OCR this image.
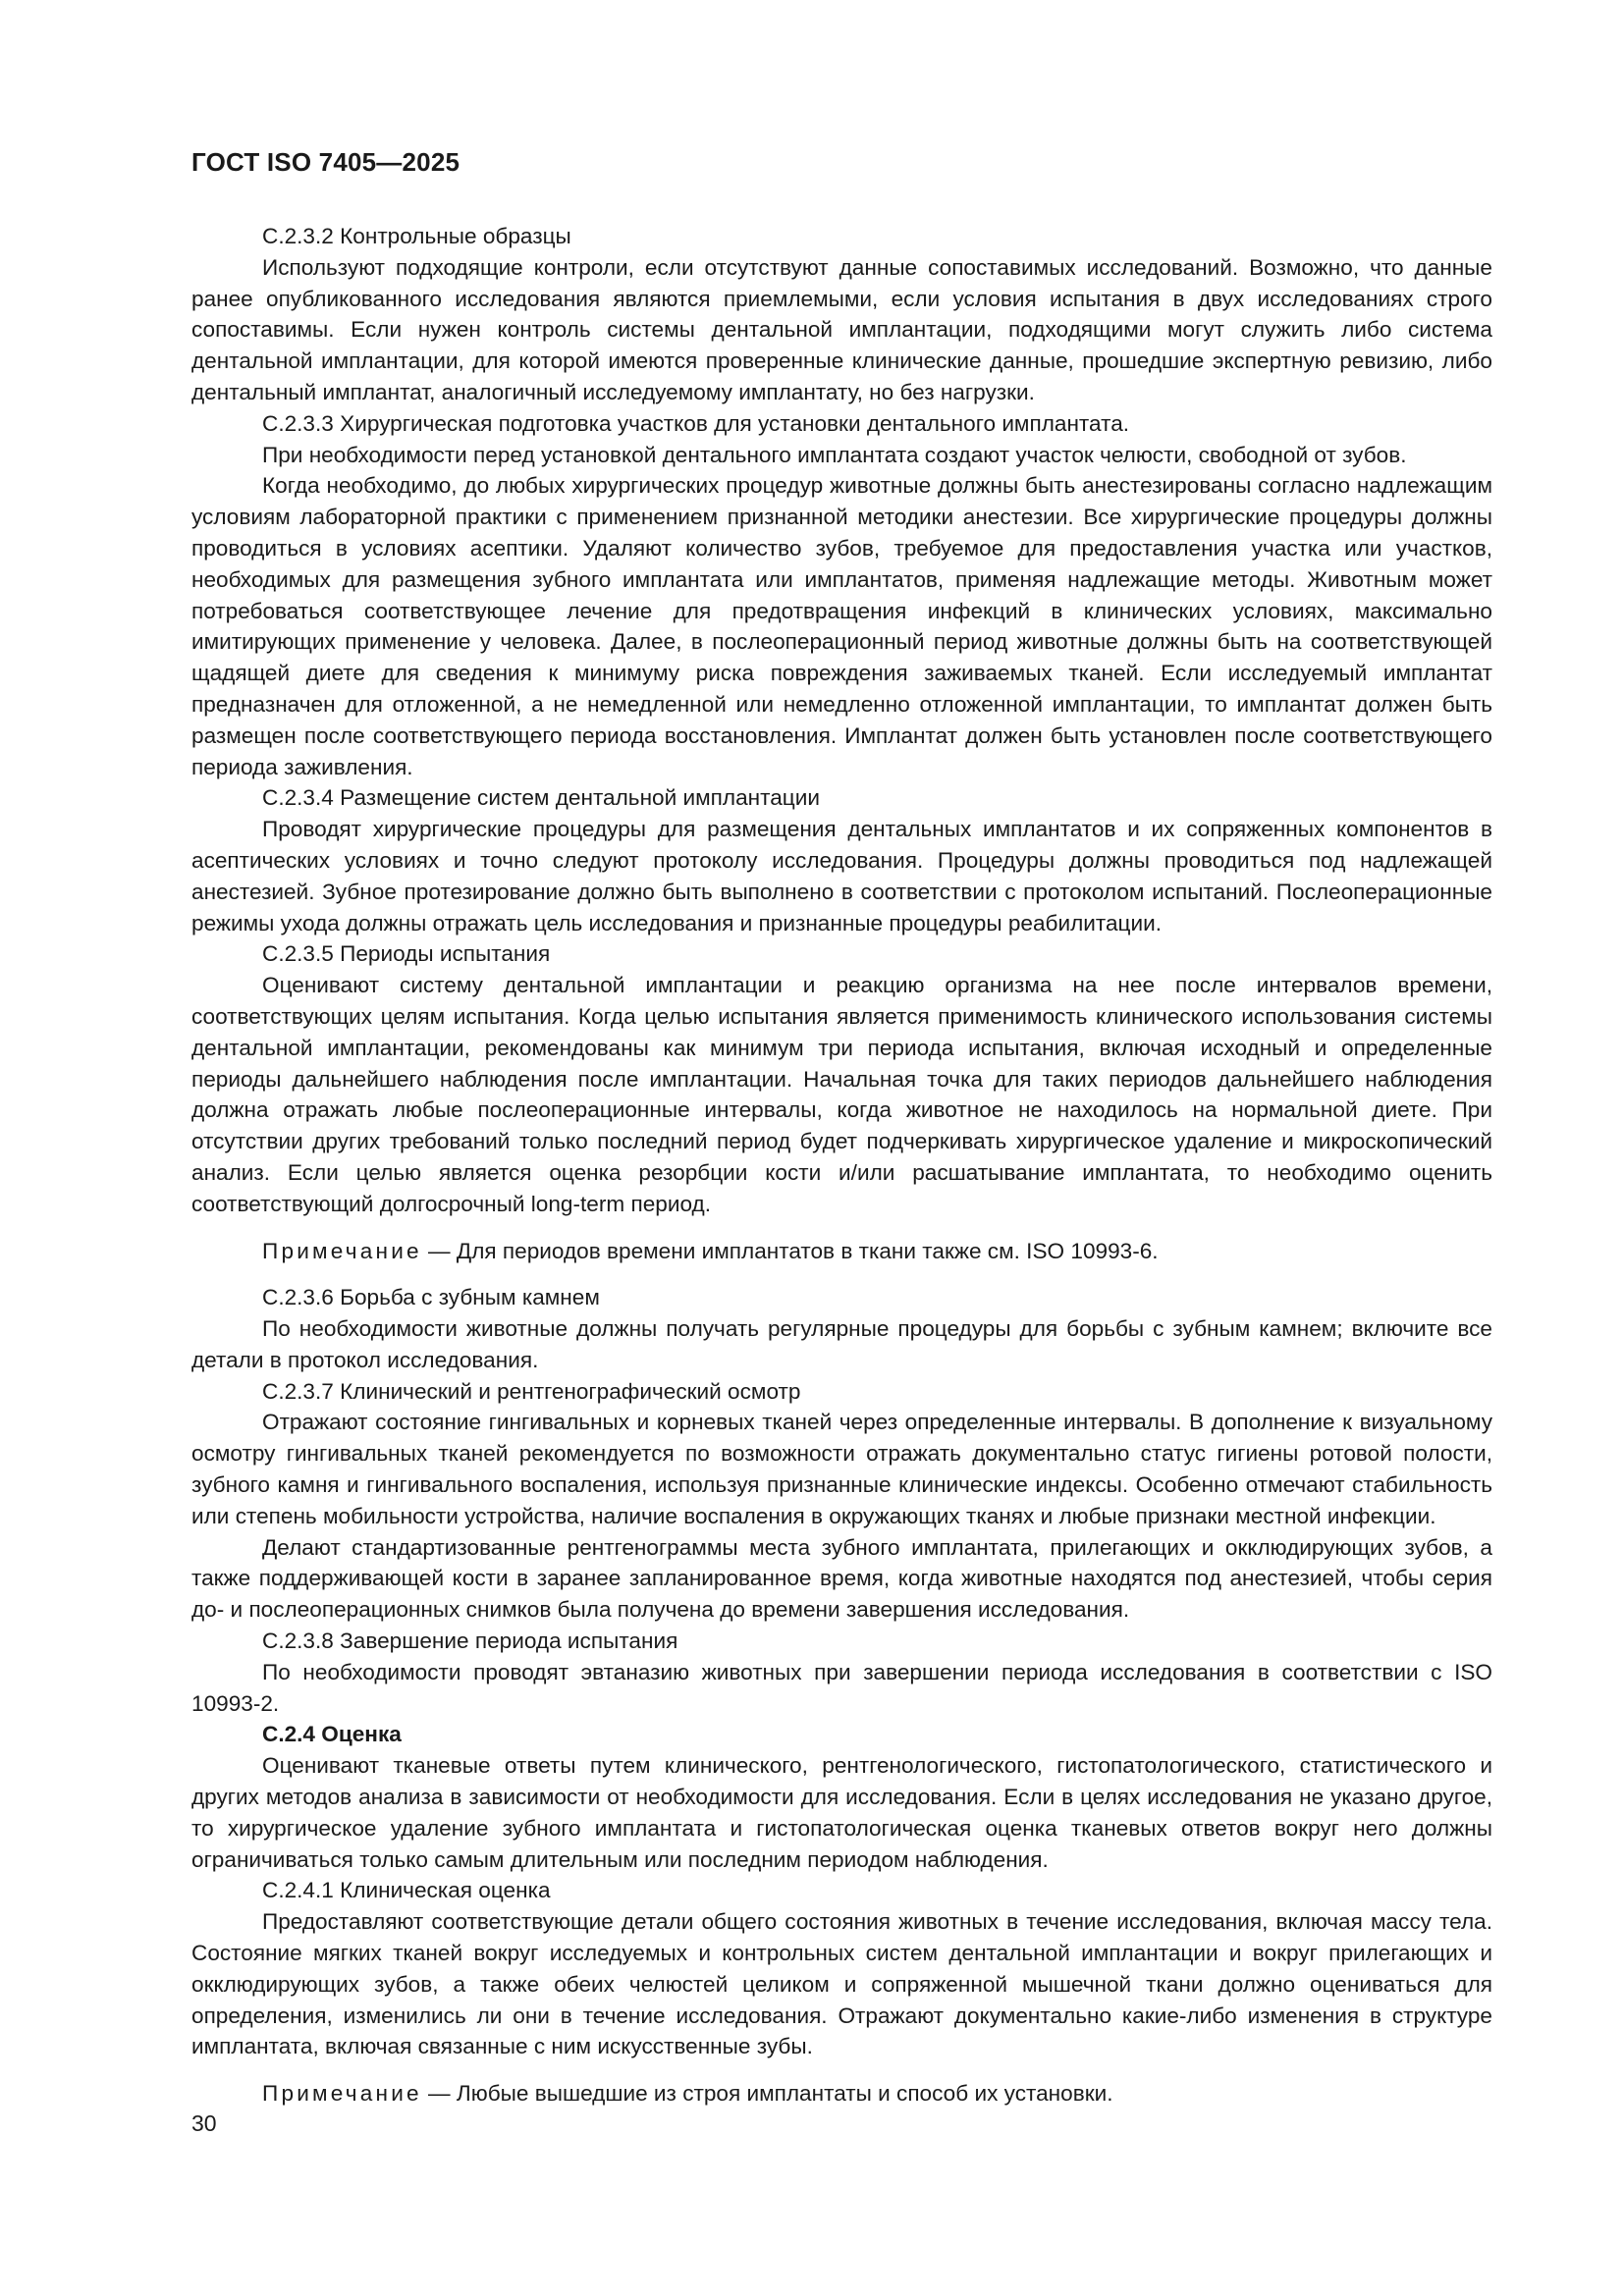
ГОСТ ISO 7405—2025

С.2.3.2 Контрольные образцы

Используют подходящие контроли, если отсутствуют данные сопоставимых исследований. Возможно, что данные ранее опубликованного исследования являются приемлемыми, если условия испытания в двух исследованиях строго сопоставимы. Если нужен контроль системы дентальной имплантации, подходящими могут служить либо система дентальной имплантации, для которой имеются проверенные клинические данные, прошедшие экспертную ревизию, либо дентальный имплантат, аналогичный исследуемому имплантату, но без нагрузки.

С.2.3.3 Хирургическая подготовка участков для установки дентального имплантата.

При необходимости перед установкой дентального имплантата создают участок челюсти, свободной от зубов.

Когда необходимо, до любых хирургических процедур животные должны быть анестезированы согласно надлежащим условиям лабораторной практики с применением признанной методики анестезии. Все хирургические процедуры должны проводиться в условиях асептики. Удаляют количество зубов, требуемое для предоставления участка или участков, необходимых для размещения зубного имплантата или имплантатов, применяя надлежащие методы. Животным может потребоваться соответствующее лечение для предотвращения инфекций в клинических условиях, максимально имитирующих применение у человека. Далее, в послеоперационный период животные должны быть на соответствующей щадящей диете для сведения к минимуму риска повреждения заживаемых тканей. Если исследуемый имплантат предназначен для отложенной, а не немедленной или немедленно отложенной имплантации, то имплантат должен быть размещен после соответствующего периода восстановления. Имплантат должен быть установлен после соответствующего периода заживления.

С.2.3.4 Размещение систем дентальной имплантации

Проводят хирургические процедуры для размещения дентальных имплантатов и их сопряженных компонентов в асептических условиях и точно следуют протоколу исследования. Процедуры должны проводиться под надлежащей анестезией. Зубное протезирование должно быть выполнено в соответствии с протоколом испытаний. Послеоперационные режимы ухода должны отражать цель исследования и признанные процедуры реабилитации.

С.2.3.5 Периоды испытания

Оценивают систему дентальной имплантации и реакцию организма на нее после интервалов времени, соответствующих целям испытания. Когда целью испытания является применимость клинического использования системы дентальной имплантации, рекомендованы как минимум три периода испытания, включая исходный и определенные периоды дальнейшего наблюдения после имплантации. Начальная точка для таких периодов дальнейшего наблюдения должна отражать любые послеоперационные интервалы, когда животное не находилось на нормальной диете. При отсутствии других требований только последний период будет подчеркивать хирургическое удаление и микроскопический анализ. Если целью является оценка резорбции кости и/или расшатывание имплантата, то необходимо оценить соответствующий долгосрочный long-term период.

Примечание — Для периодов времени имплантатов в ткани также см. ISO 10993-6.

С.2.3.6 Борьба с зубным камнем

По необходимости животные должны получать регулярные процедуры для борьбы с зубным камнем; включите все детали в протокол исследования.

С.2.3.7 Клинический и рентгенографический осмотр

Отражают состояние гингивальных и корневых тканей через определенные интервалы. В дополнение к визуальному осмотру гингивальных тканей рекомендуется по возможности отражать документально статус гигиены ротовой полости, зубного камня и гингивального воспаления, используя признанные клинические индексы. Особенно отмечают стабильность или степень мобильности устройства, наличие воспаления в окружающих тканях и любые признаки местной инфекции.

Делают стандартизованные рентгенограммы места зубного имплантата, прилегающих и окклюдирующих зубов, а также поддерживающей кости в заранее запланированное время, когда животные находятся под анестезией, чтобы серия до- и послеоперационных снимков была получена до времени завершения исследования.

С.2.3.8 Завершение периода испытания

По необходимости проводят эвтаназию животных при завершении периода исследования в соответствии с ISO 10993-2.

С.2.4 Оценка

Оценивают тканевые ответы путем клинического, рентгенологического, гистопатологического, статистического и других методов анализа в зависимости от необходимости для исследования. Если в целях исследования не указано другое, то хирургическое удаление зубного имплантата и гистопатологическая оценка тканевых ответов вокруг него должны ограничиваться только самым длительным или последним периодом наблюдения.

С.2.4.1 Клиническая оценка

Предоставляют соответствующие детали общего состояния животных в течение исследования, включая массу тела. Состояние мягких тканей вокруг исследуемых и контрольных систем дентальной имплантации и вокруг прилегающих и окклюдирующих зубов, а также обеих челюстей целиком и сопряженной мышечной ткани должно оцениваться для определения, изменились ли они в течение исследования. Отражают документально какие-либо изменения в структуре имплантата, включая связанные с ним искусственные зубы.

Примечание — Любые вышедшие из строя имплантаты и способ их установки.

30
